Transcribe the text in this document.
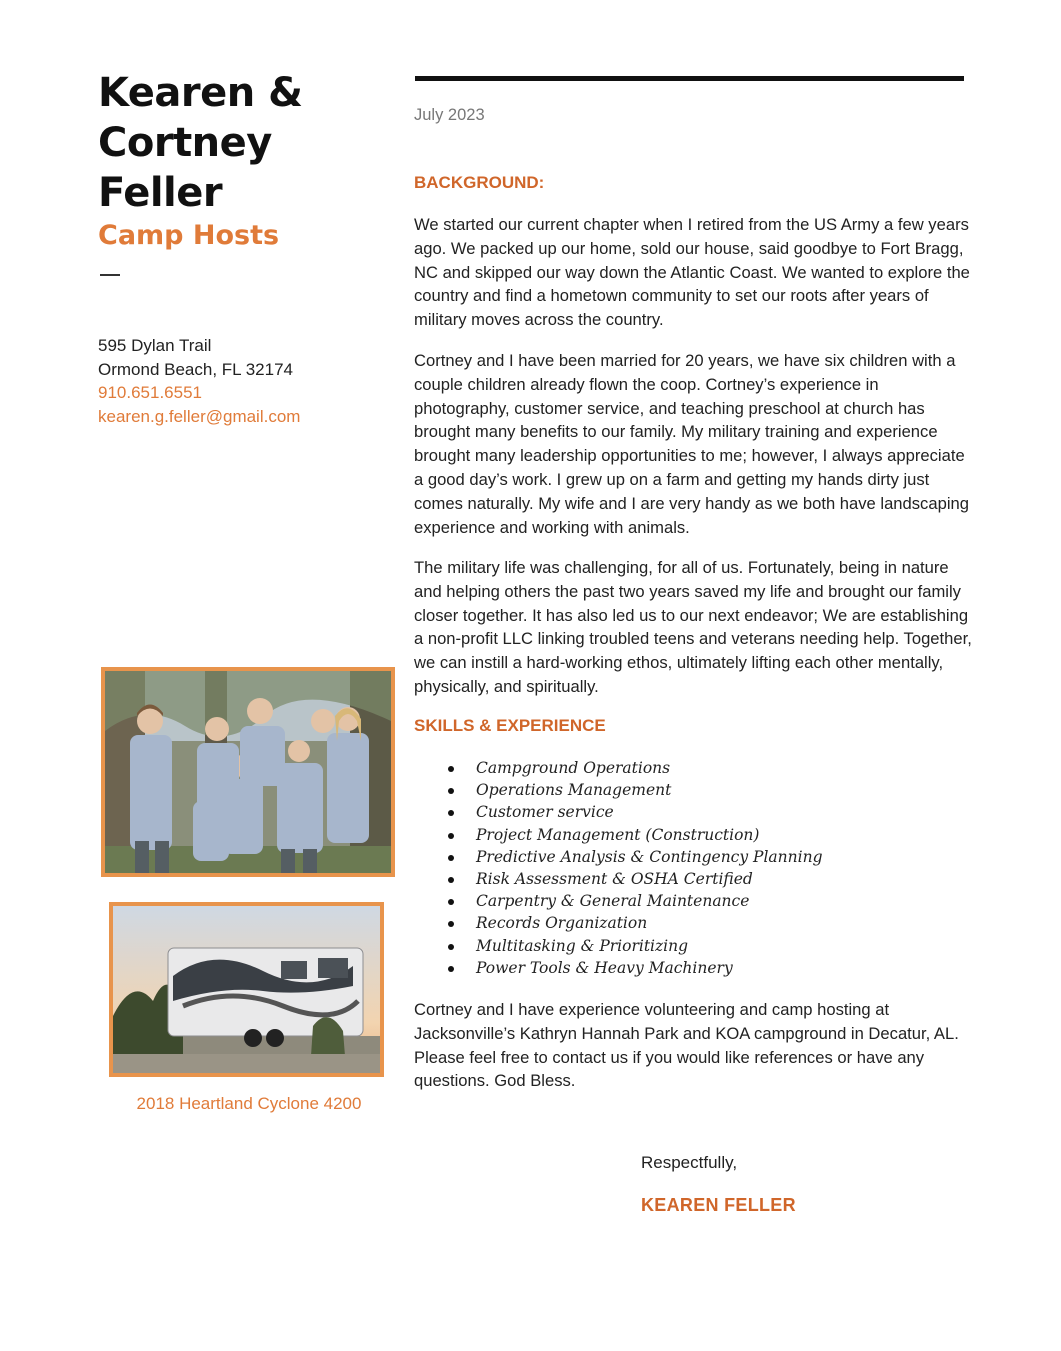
Kearen & Cortney Feller
Camp Hosts
595 Dylan Trail
Ormond Beach, FL 32174
910.651.6551
kearen.g.feller@gmail.com
2018 Heartland Cyclone 4200
July 2023
BACKGROUND:

We started our current chapter when I retired from the US Army a few years ago. We packed up our home, sold our house, said goodbye to Fort Bragg, NC and skipped our way down the Atlantic Coast. We wanted to explore the country and find a hometown community to set our roots after years of military moves across the country.

Cortney and I have been married for 20 years, we have six children with a couple children already flown the coop. Cortney’s experience in photography, customer service, and teaching preschool at church has brought many benefits to our family. My military training and experience brought many leadership opportunities to me; however, I always appreciate a good day’s work. I grew up on a farm and getting my hands dirty just comes naturally. My wife and I are very handy as we both have landscaping experience and working with animals.

The military life was challenging, for all of us. Fortunately, being in nature and helping others the past two years saved my life and brought our family closer together. It has also led us to our next endeavor; We are establishing a non-profit LLC linking troubled teens and veterans needing help. Together, we can instill a hard-working ethos, ultimately lifting each other mentally, physically, and spiritually.

SKILLS & EXPERIENCE
Campground Operations
Operations Management
Customer service
Project Management (Construction)
Predictive Analysis & Contingency Planning
Risk Assessment & OSHA Certified
Carpentry & General Maintenance
Records Organization
Multitasking & Prioritizing
Power Tools & Heavy Machinery

Cortney and I have experience volunteering and camp hosting at Jacksonville’s Kathryn Hannah Park and KOA campground in Decatur, AL. Please feel free to contact us if you would like references or have any questions. God Bless.

Respectfully,
KEAREN FELLER
